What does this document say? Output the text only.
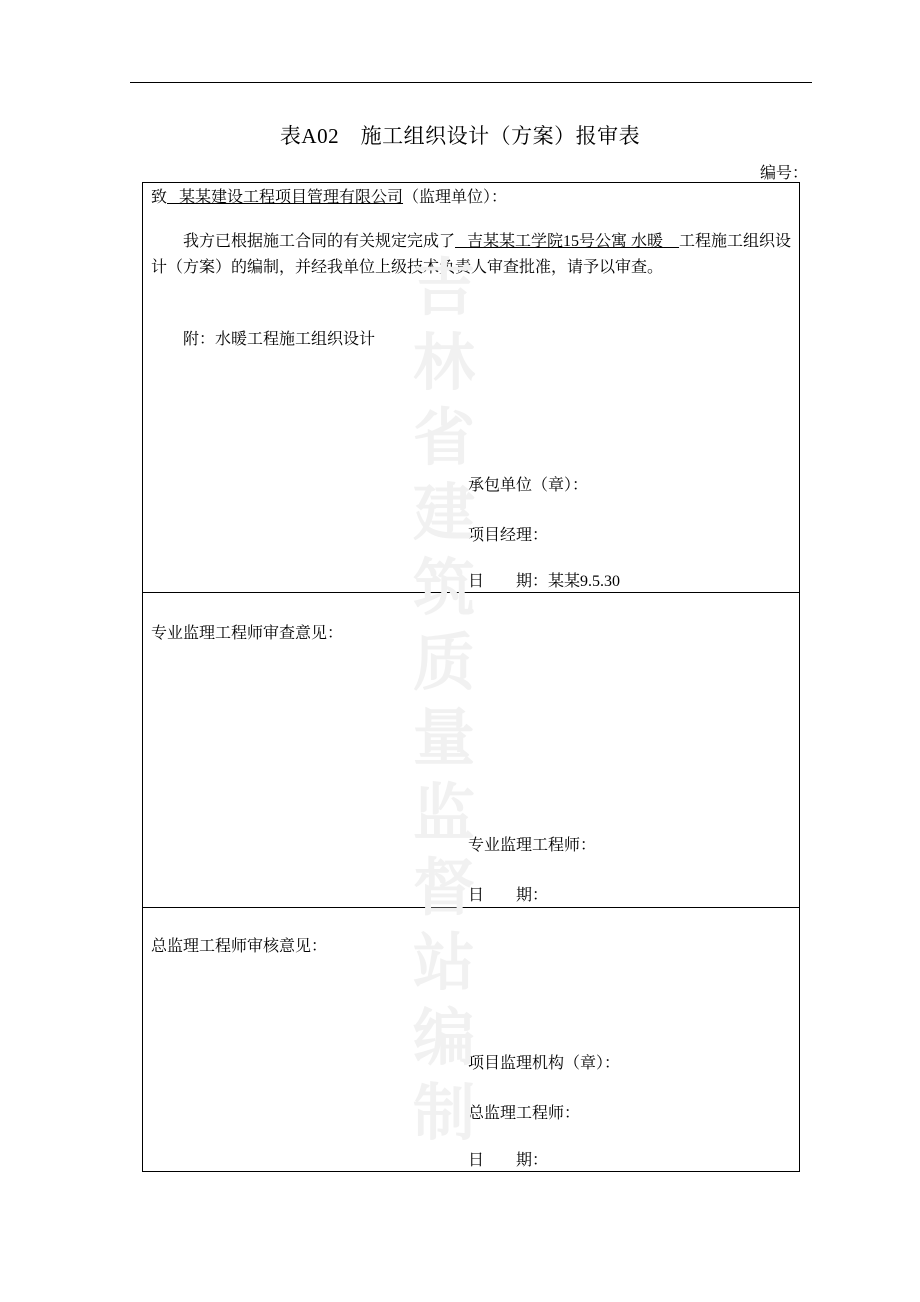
表A02　施工组织设计（方案）报审表
编号：
致 某某建设工程项目管理有限公司（监理单位）：
我方已根据施工合同的有关规定完成了 吉某某工学院15号公寓 水暖 工程施工组织设计（方案）的编制，并经我单位上级技术负责人审查批准，请予以审查。
附：水暖工程施工组织设计
承包单位（章）：
项目经理：
日　　期：某某9.5.30
专业监理工程师审查意见：
专业监理工程师：
日　　期：
总监理工程师审核意见：
项目监理机构（章）：
总监理工程师：
日　　期：
吉林省建筑质量监督站编制
